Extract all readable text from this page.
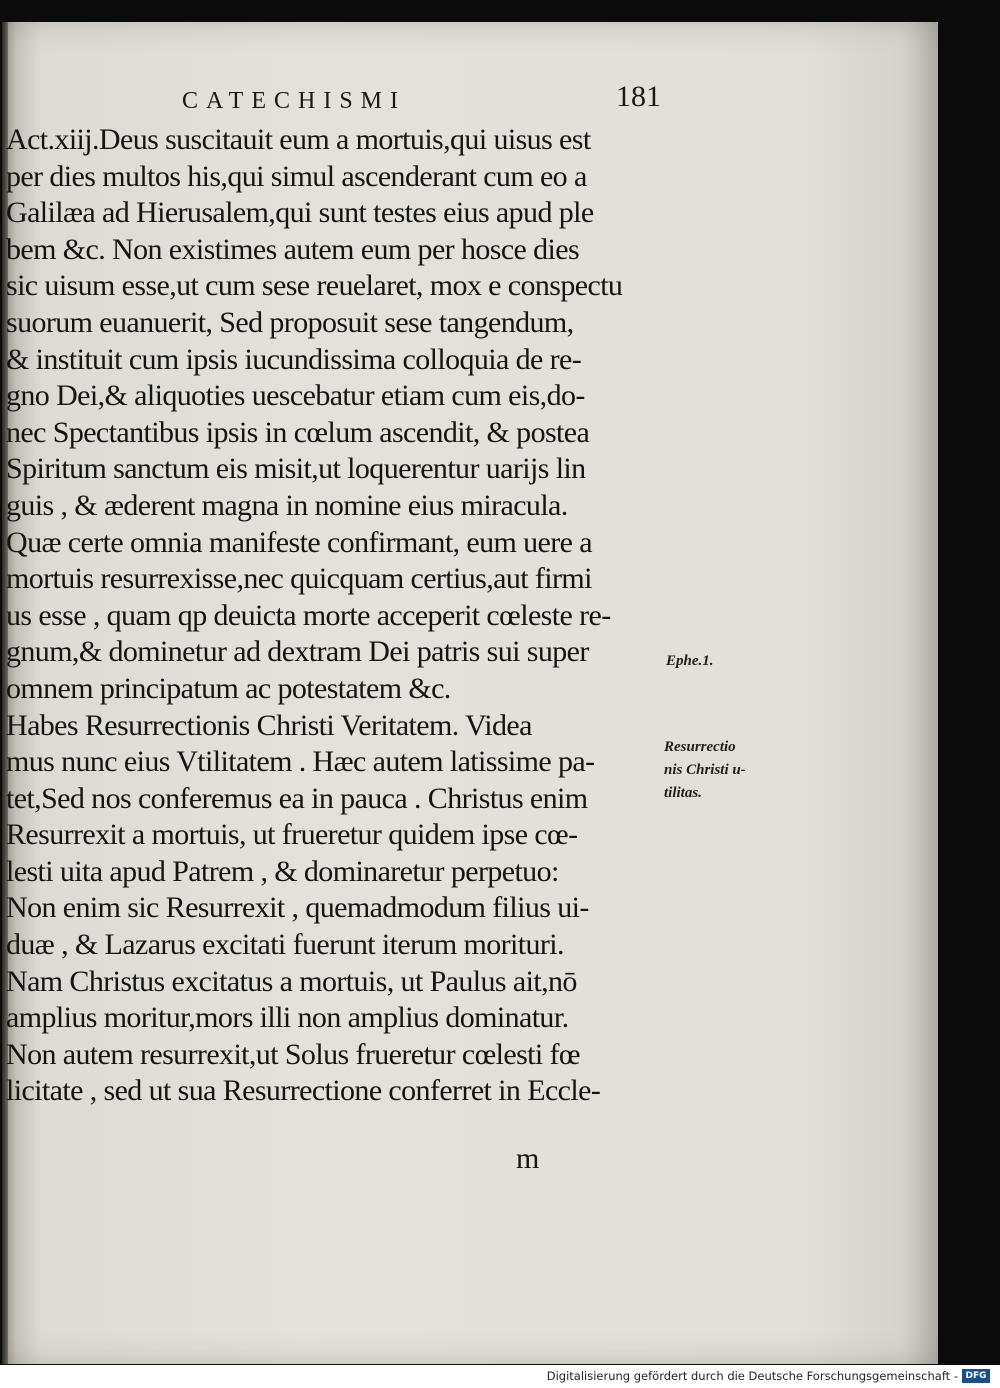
CATECHISMI	181
Act.xiij.Deus suscitauit eum a mortuis,qui uisus est
per dies multos his,qui simul ascenderant cum eo a
Galilæa ad Hierusalem,qui sunt testes eius apud ple
bem &c. Non existimes autem eum per hosce dies
sic uisum esse,ut cum sese reuelaret, mox e conspectu
suorum euanuerit, Sed proposuit sese tangendum,
& instituit cum ipsis iucundissima colloquia de re-
gno Dei,& aliquoties uescebatur etiam cum eis,do-
nec Spectantibus ipsis in cœlum ascendit, & postea
Spiritum sanctum eis misit,ut loquerentur uarijs lin
guis , & æderent magna in nomine eius miracula.
Quæ certe omnia manifeste confirmant, eum uere a
mortuis resurrexisse,nec quicquam certius,aut firmi
us esse , quam qp deuicta morte acceperit cœleste re-
gnum,& dominetur ad dextram Dei patris sui super
omnem principatum ac potestatem &c.
Habes Resurrectionis Christi Veritatem. Videa
mus nunc eius Vtilitatem . Hæc autem latissime pa-
tet,Sed nos conferemus ea in pauca . Christus enim
Resurrexit a mortuis, ut frueretur quidem ipse cœ-
lesti uita apud Patrem , & dominaretur perpetuo:
Non enim sic Resurrexit , quemadmodum filius ui-
duæ , & Lazarus excitati fuerunt iterum morituri.
Nam Christus excitatus a mortuis, ut Paulus ait,nō
amplius moritur,mors illi non amplius dominatur.
Non autem resurrexit,ut Solus frueretur cœlesti fœ
licitate , sed ut sua Resurrectione conferret in Eccle-
Ephe.1.
Resurrectio
nis Christi u-
tilitas.
m
Digitalisierung gefördert durch die Deutsche Forschungsgemeinschaft - DFG
